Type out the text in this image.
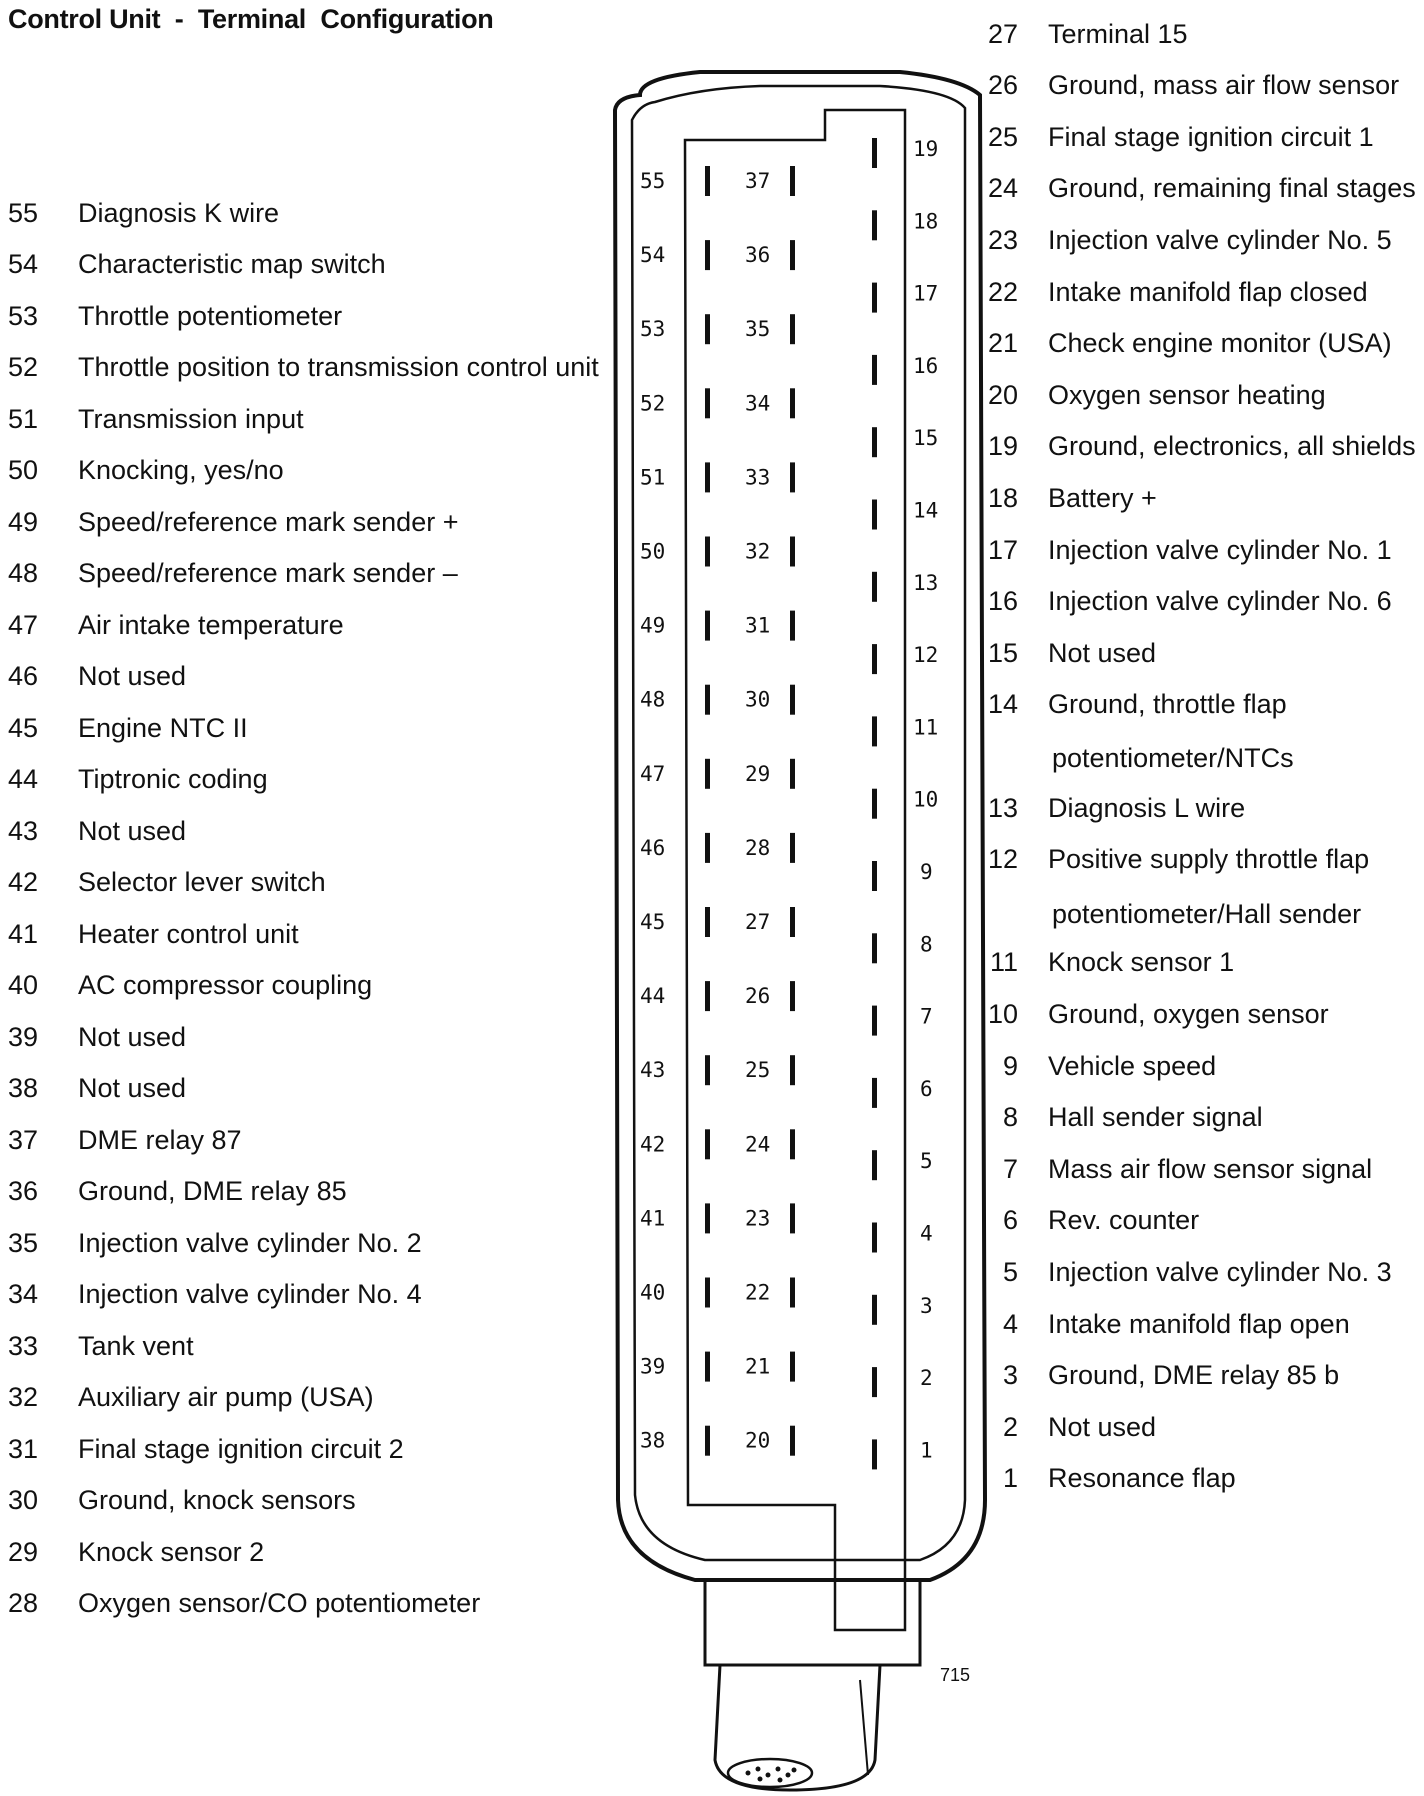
Control Unit  -  Terminal  Configuration
55 Diagnosis K wire
54 Characteristic map switch
53 Throttle potentiometer
52 Throttle position to transmission control unit
51 Transmission input
50 Knocking, yes/no
49 Speed/reference mark sender +
48 Speed/reference mark sender –
47 Air intake temperature
46 Not used
45 Engine NTC II
44 Tiptronic coding
43 Not used
42 Selector lever switch
41 Heater control unit
40 AC compressor coupling
39 Not used
38 Not used
37 DME relay 87
36 Ground, DME relay 85
35 Injection valve cylinder No. 2
34 Injection valve cylinder No. 4
33 Tank vent
32 Auxiliary air pump (USA)
31 Final stage ignition circuit 2
30 Ground, knock sensors
29 Knock sensor 2
28 Oxygen sensor/CO potentiometer
27 Terminal 15
26 Ground, mass air flow sensor
25 Final stage ignition circuit 1
24 Ground, remaining final stages
23 Injection valve cylinder No. 5
22 Intake manifold flap closed
21 Check engine monitor (USA)
20 Oxygen sensor heating
19 Ground, electronics, all shields
18 Battery +
17 Injection valve cylinder No. 1
16 Injection valve cylinder No. 6
15 Not used
14 Ground, throttle flap
13 Diagnosis L wire
12 Positive supply throttle flap
11 Knock sensor 1
10 Ground, oxygen sensor
9 Vehicle speed
8 Hall sender signal
7 Mass air flow sensor signal
6 Rev. counter
5 Injection valve cylinder No. 3
4 Intake manifold flap open
3 Ground, DME relay 85 b
2 Not used
1 Resonance flap
potentiometer/NTCs
potentiometer/Hall sender
55
54
53
52
51
50
49
48
47
46
45
44
43
42
41
40
39
38
37
36
35
34
33
32
31
30
29
28
27
26
25
24
23
22
21
20
19
18
17
16
15
14
13
12
11
10
9
8
7
6
5
4
3
2
1
715
